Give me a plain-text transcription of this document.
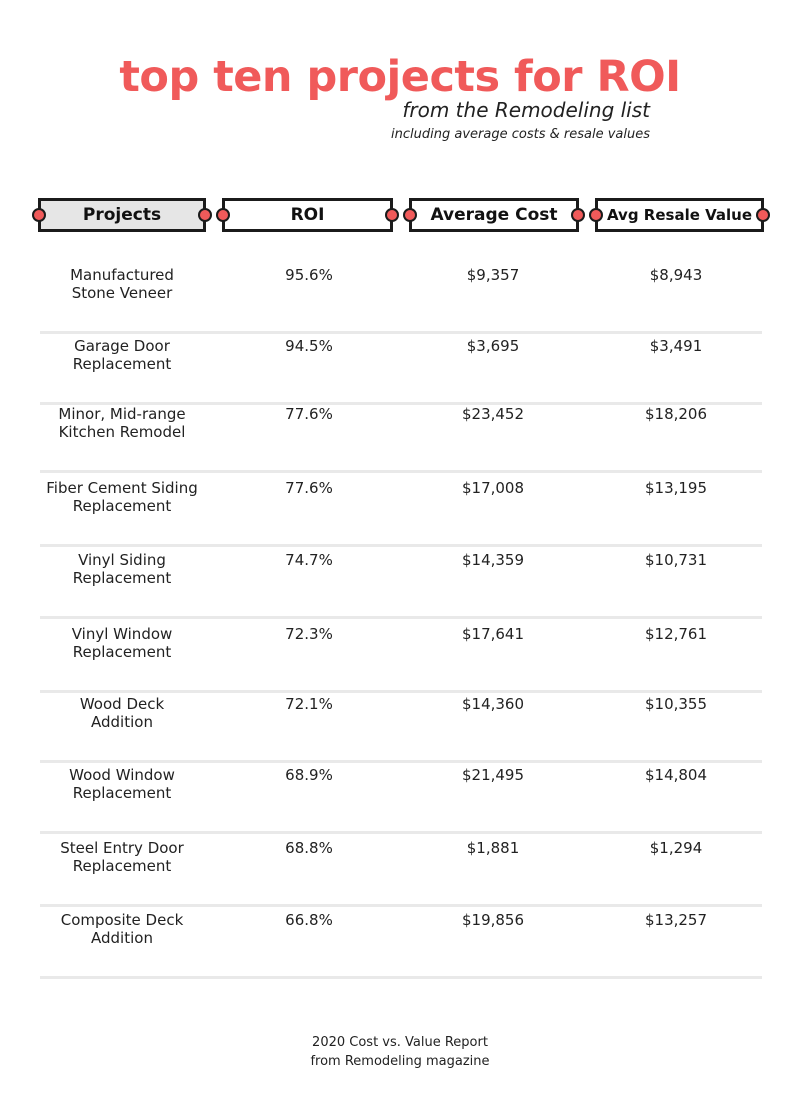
top ten projects for ROI
from the Remodeling list
including average costs & resale values
Projects	ROI	Average Cost	Avg Resale Value
Manufactured
Stone Veneer
95.6%	$9,357	$8,943
Garage Door
Replacement
94.5%	$3,695	$3,491
Minor, Mid-range
Kitchen Remodel
77.6%	$23,452	$18,206
Fiber Cement Siding
Replacement
77.6%	$17,008	$13,195
Vinyl Siding
Replacement
74.7%	$14,359	$10,731
Vinyl Window
Replacement
72.3%	$17,641	$12,761
Wood Deck
Addition
72.1%	$14,360	$10,355
Wood Window
Replacement
68.9%	$21,495	$14,804
Steel Entry Door
Replacement
68.8%	$1,881	$1,294
Composite Deck
Addition
66.8%	$19,856	$13,257
2020 Cost vs. Value Report
from Remodeling magazine
